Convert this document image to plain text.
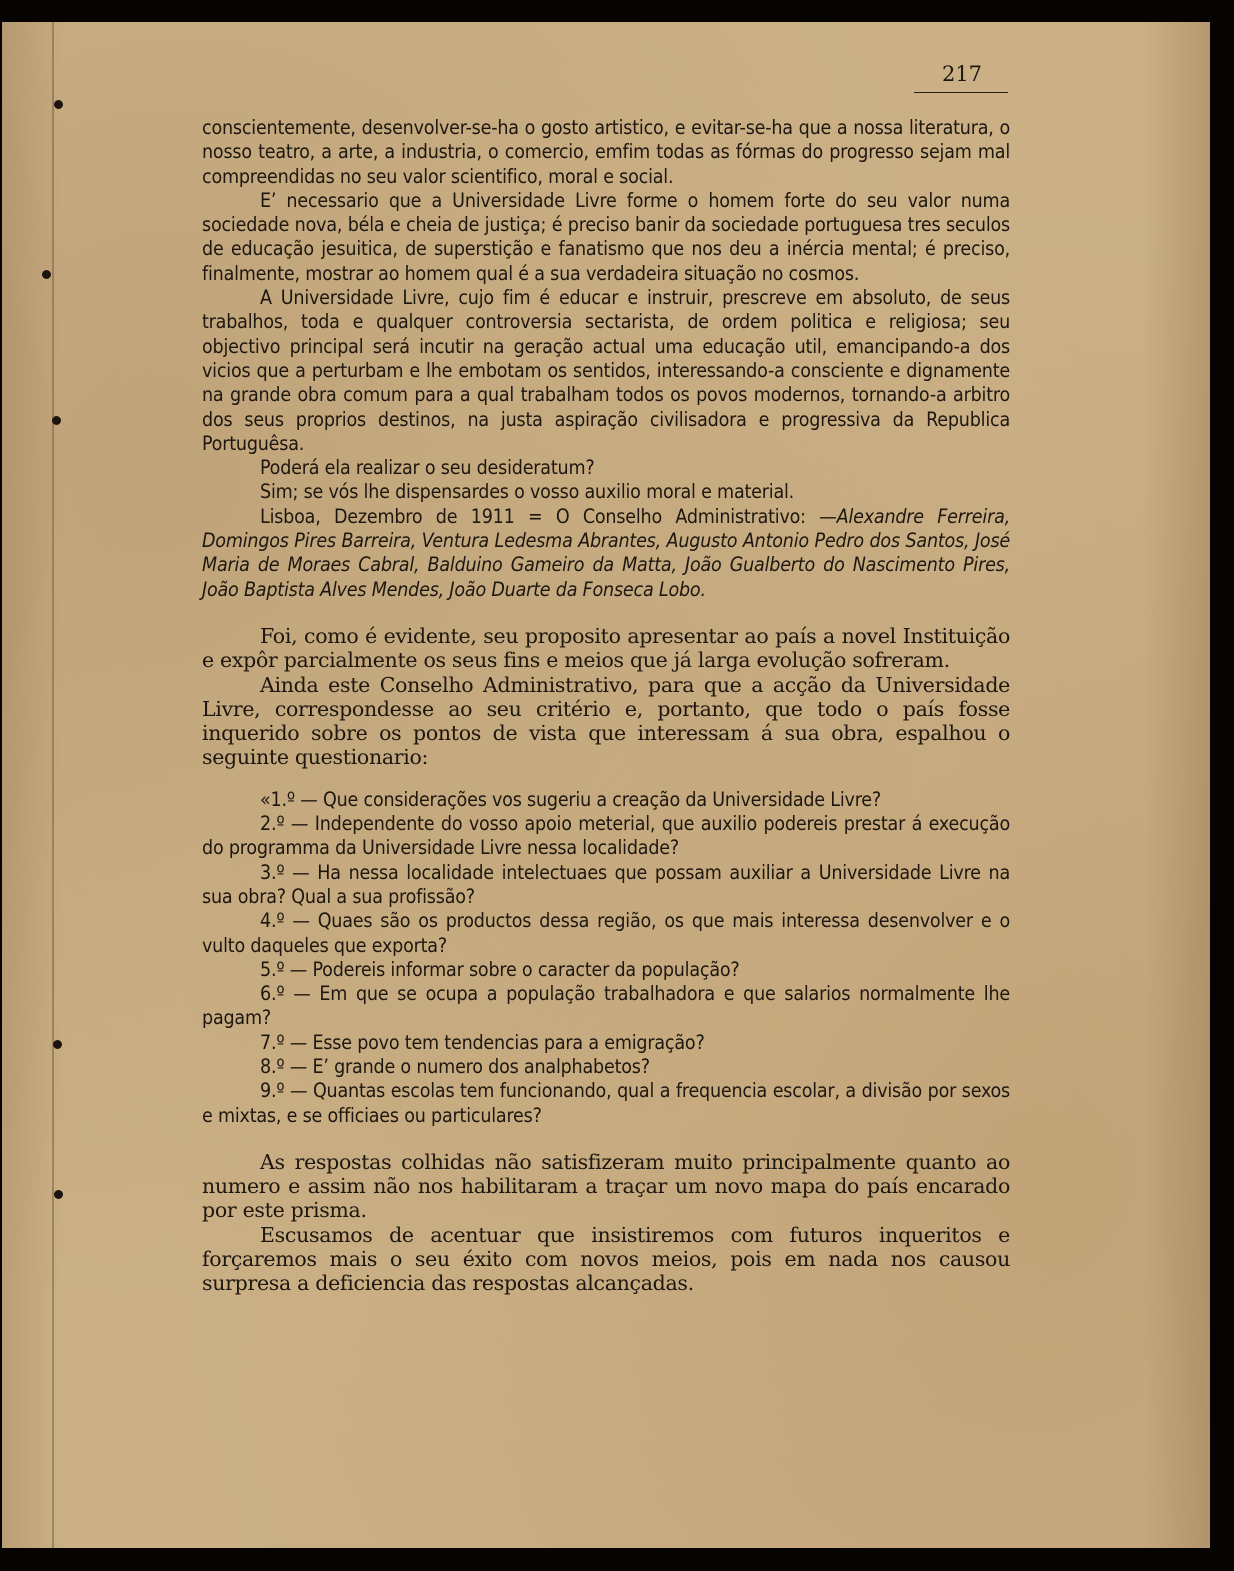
217

conscientemente, desenvolver-se-ha o gosto artistico, e evitar-se-ha que a nossa literatura, o nosso teatro, a arte, a industria, o comercio, emfim todas as fórmas do progresso sejam mal compreendidas no seu valor scientifico, moral e social.

E’ necessario que a Universidade Livre forme o homem forte do seu valor numa sociedade nova, béla e cheia de justiça; é preciso banir da sociedade portuguesa tres seculos de educação jesuitica, de superstição e fanatismo que nos deu a inércia mental; é preciso, finalmente, mostrar ao homem qual é a sua verdadeira situação no cosmos.

A Universidade Livre, cujo fim é educar e instruir, prescreve em absoluto, de seus trabalhos, toda e qualquer controversia sectarista, de ordem politica e religiosa; seu objectivo principal será incutir na geração actual uma educação util, emancipando-a dos vicios que a perturbam e lhe embotam os sentidos, interessando-a consciente e dignamente na grande obra comum para a qual trabalham todos os povos modernos, tornando-a arbitro dos seus proprios destinos, na justa aspiração civilisadora e progressiva da Republica Portuguêsa.

Poderá ela realizar o seu desideratum?

Sim; se vós lhe dispensardes o vosso auxilio moral e material.

Lisboa, Dezembro de 1911 = O Conselho Administrativo: —Alexandre Ferreira, Domingos Pires Barreira, Ventura Ledesma Abrantes, Augusto Antonio Pedro dos Santos, José Maria de Moraes Cabral, Balduino Gameiro da Matta, João Gualberto do Nascimento Pires, João Baptista Alves Mendes, João Duarte da Fonseca Lobo.

Foi, como é evidente, seu proposito apresentar ao país a novel Instituição e expôr parcialmente os seus fins e meios que já larga evolução sofreram.

Ainda este Conselho Administrativo, para que a acção da Universidade Livre, correspondesse ao seu critério e, portanto, que todo o país fosse inquerido sobre os pontos de vista que interessam á sua obra, espalhou o seguinte questionario:

«1.º — Que considerações vos sugeriu a creação da Universidade Livre?

2.º — Independente do vosso apoio meterial, que auxilio podereis prestar á execução do programma da Universidade Livre nessa localidade?

3.º — Ha nessa localidade intelectuaes que possam auxiliar a Universidade Livre na sua obra? Qual a sua profissão?

4.º — Quaes são os productos dessa região, os que mais interessa desenvolver e o vulto daqueles que exporta?

5.º — Podereis informar sobre o caracter da população?

6.º — Em que se ocupa a população trabalhadora e que salarios normalmente lhe pagam?

7.º — Esse povo tem tendencias para a emigração?

8.º — E’ grande o numero dos analphabetos?

9.º — Quantas escolas tem funcionando, qual a frequencia escolar, a divisão por sexos e mixtas, e se officiaes ou particulares?

As respostas colhidas não satisfizeram muito principalmente quanto ao numero e assim não nos habilitaram a traçar um novo mapa do país encarado por este prisma.

Escusamos de acentuar que insistiremos com futuros inqueritos e forçaremos mais o seu éxito com novos meios, pois em nada nos causou surpresa a deficiencia das respostas alcançadas.
